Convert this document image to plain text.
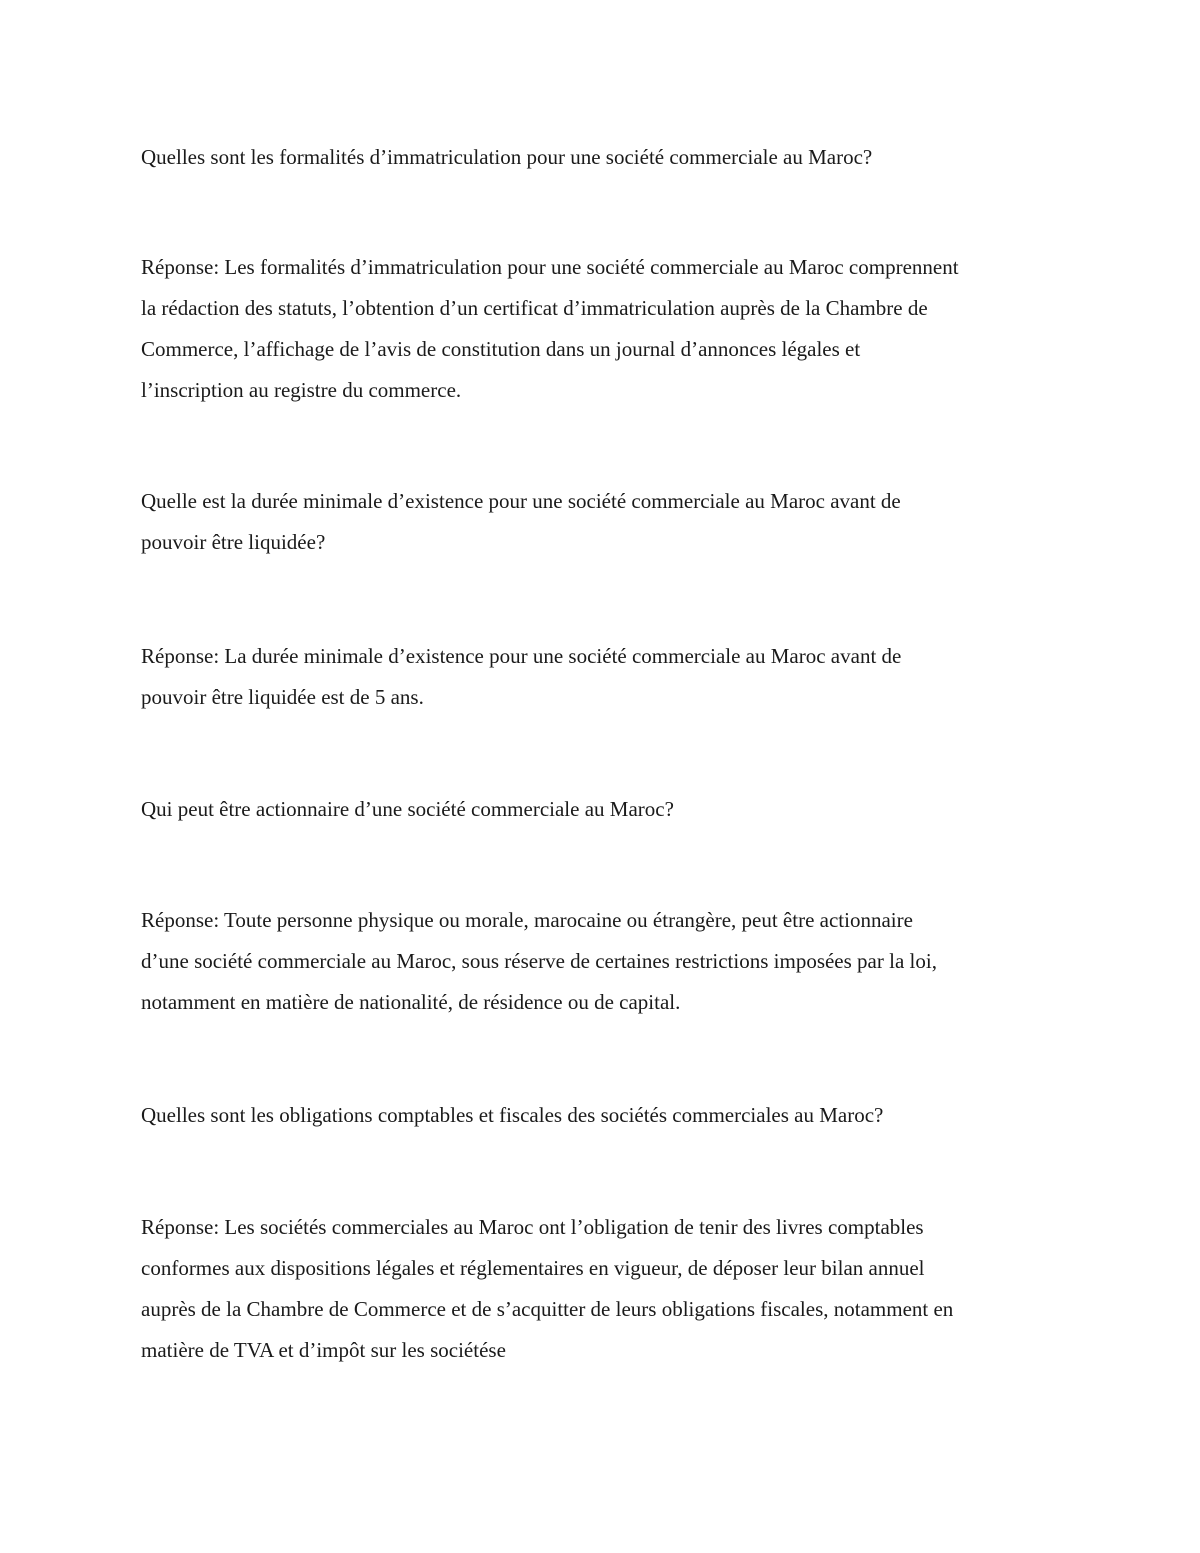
Quelles sont les formalités d’immatriculation pour une société commerciale au Maroc?

Réponse: Les formalités d’immatriculation pour une société commerciale au Maroc comprennent
la rédaction des statuts, l’obtention d’un certificat d’immatriculation auprès de la Chambre de
Commerce, l’affichage de l’avis de constitution dans un journal d’annonces légales et
l’inscription au registre du commerce.

Quelle est la durée minimale d’existence pour une société commerciale au Maroc avant de
pouvoir être liquidée?

Réponse: La durée minimale d’existence pour une société commerciale au Maroc avant de
pouvoir être liquidée est de 5 ans.

Qui peut être actionnaire d’une société commerciale au Maroc?

Réponse: Toute personne physique ou morale, marocaine ou étrangère, peut être actionnaire
d’une société commerciale au Maroc, sous réserve de certaines restrictions imposées par la loi,
notamment en matière de nationalité, de résidence ou de capital.

Quelles sont les obligations comptables et fiscales des sociétés commerciales au Maroc?

Réponse: Les sociétés commerciales au Maroc ont l’obligation de tenir des livres comptables
conformes aux dispositions légales et réglementaires en vigueur, de déposer leur bilan annuel
auprès de la Chambre de Commerce et de s’acquitter de leurs obligations fiscales, notamment en
matière de TVA et d’impôt sur les sociétése
